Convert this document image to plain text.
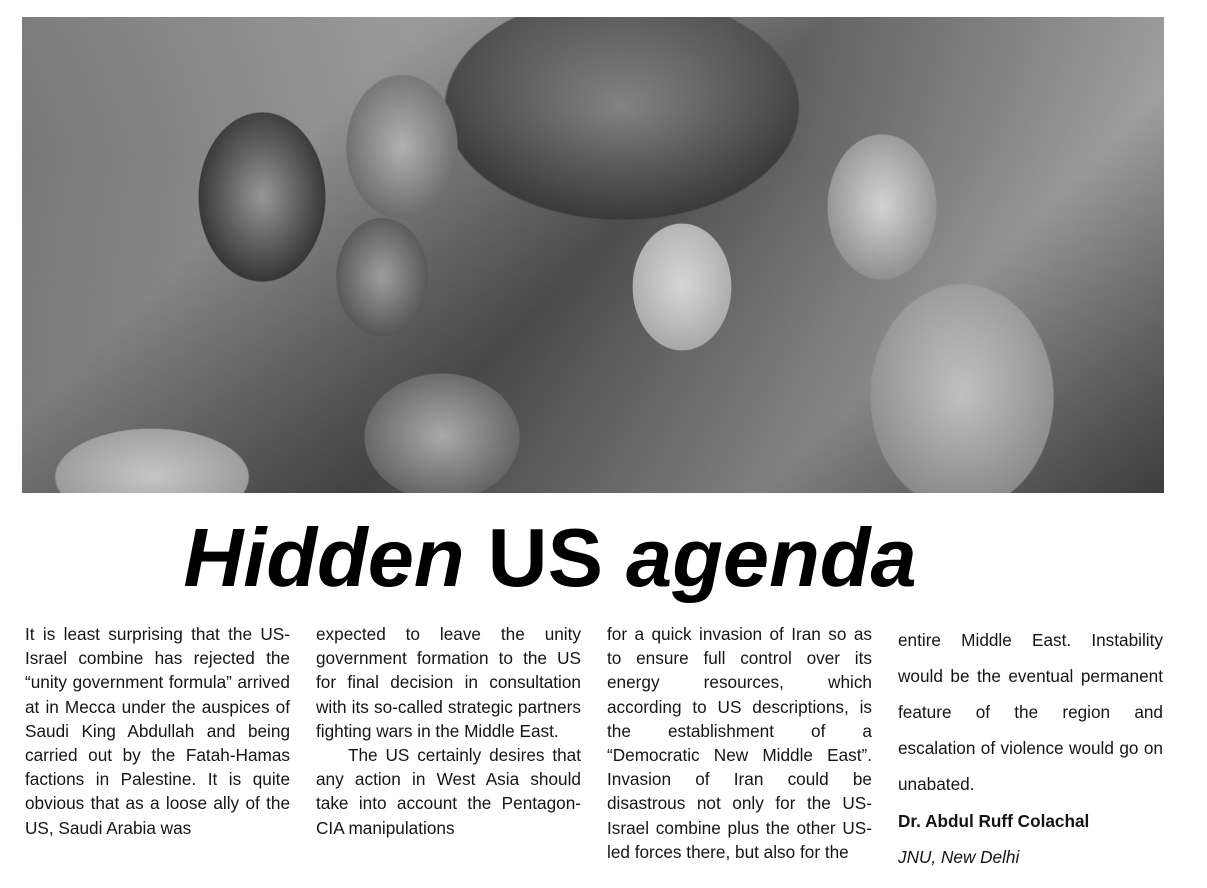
Hidden US agenda

It is least surprising that the US-Israel combine has rejected the “unity government formula” arrived at in Mecca under the auspices of Saudi King Abdullah and being carried out by the Fatah-Hamas factions in Palestine. It is quite obvious that as a loose ally of the US, Saudi Arabia was

expected to leave the unity government formation to the US for final decision in consultation with its so-called strategic partners fighting wars in the Middle East.

The US certainly desires that any action in West Asia should take into account the Pentagon-CIA manipulations

for a quick invasion of Iran so as to ensure full control over its energy resources, which according to US descriptions, is the establishment of a “Democratic New Middle East”. Invasion of Iran could be disastrous not only for the US-Israel combine plus the other US-led forces there, but also for the

entire Middle East. Instability would be the eventual permanent feature of the region and escalation of violence would go on unabated.

Dr. Abdul Ruff Colachal
JNU, New Delhi
